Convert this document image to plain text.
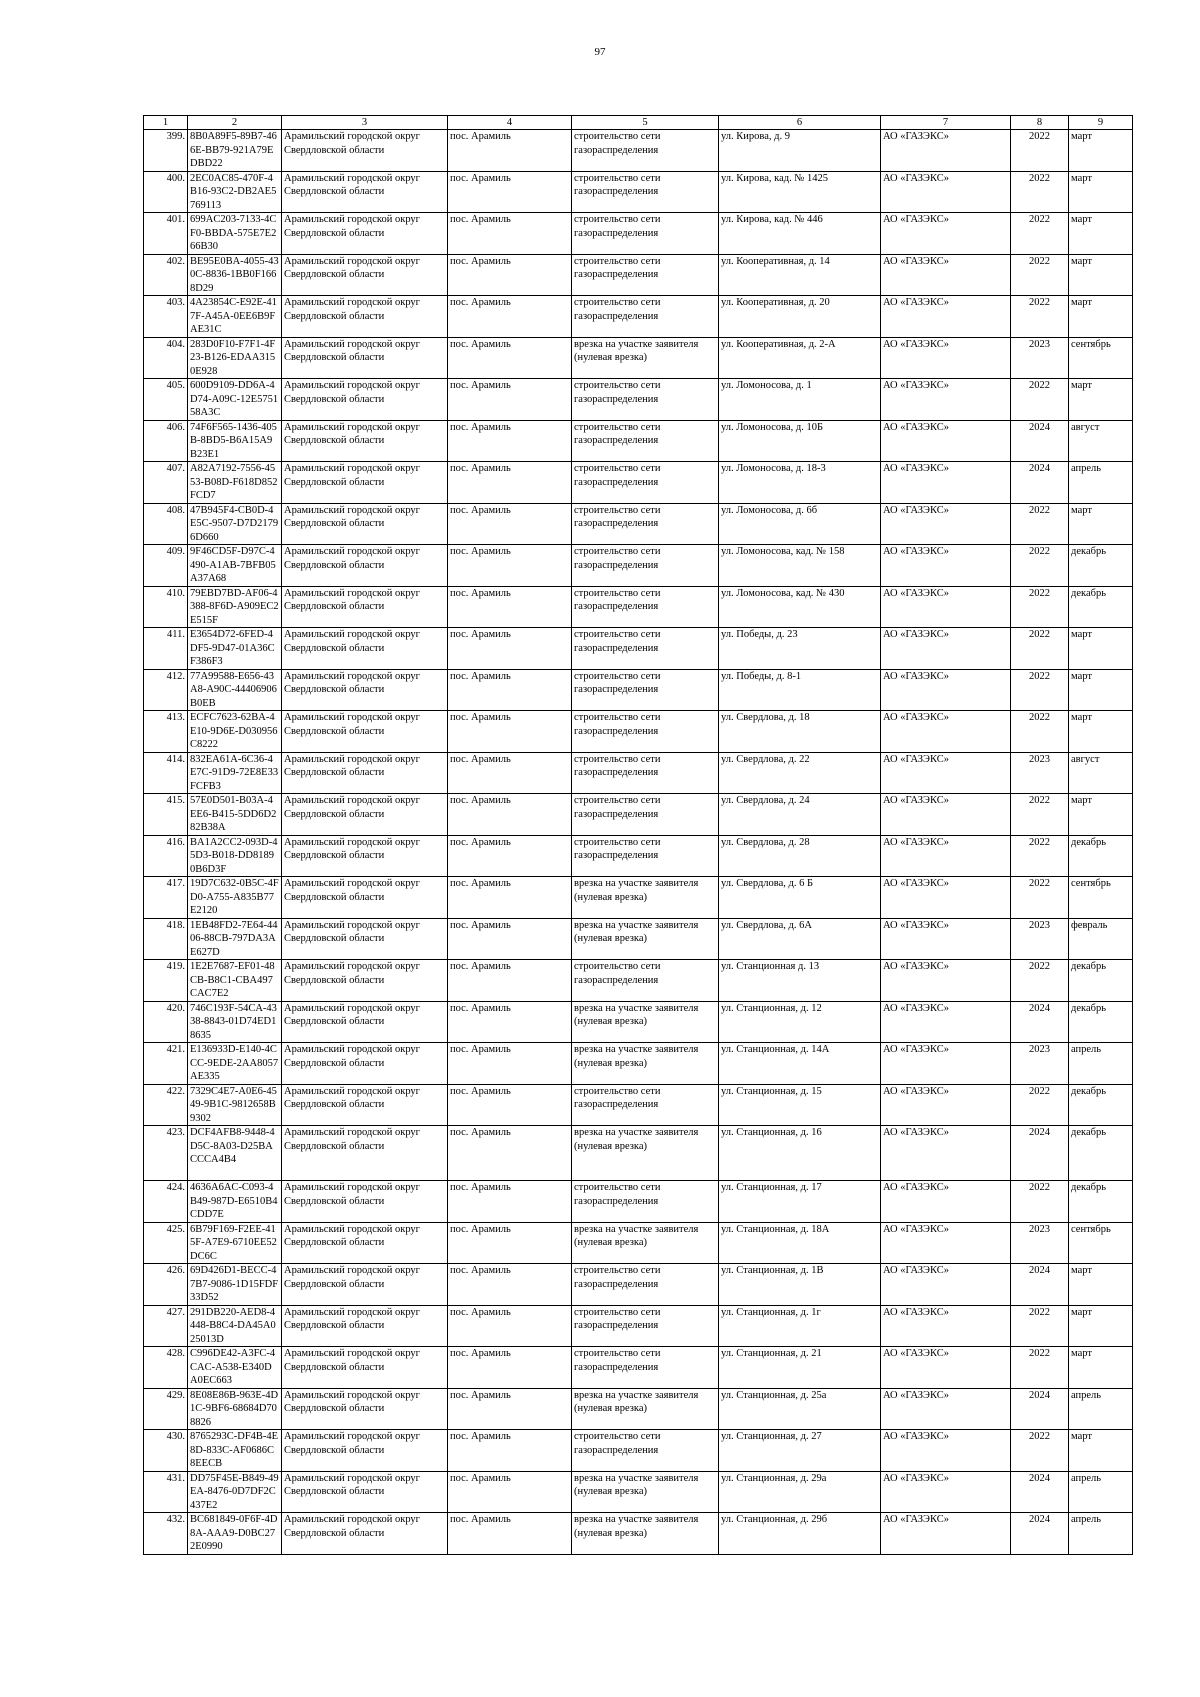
97
1	2	3	4	5	6	7	8	9
399.	8B0A89F5-89B7-466E-BB79-921A79EDBD22	Арамильский городской округ Свердловской области	пос. Арамиль	строительство сети газораспределения	ул. Кирова, д. 9	АО «ГАЗЭКС»	2022	март
400.	2EC0AC85-470F-4B16-93C2-DB2AE5769113	Арамильский городской округ Свердловской области	пос. Арамиль	строительство сети газораспределения	ул. Кирова, кад. № 1425	АО «ГАЗЭКС»	2022	март
401.	699AC203-7133-4CF0-BBDA-575E7E266B30	Арамильский городской округ Свердловской области	пос. Арамиль	строительство сети газораспределения	ул. Кирова, кад. № 446	АО «ГАЗЭКС»	2022	март
402.	BE95E0BA-4055-430C-8836-1BB0F1668D29	Арамильский городской округ Свердловской области	пос. Арамиль	строительство сети газораспределения	ул. Кооперативная, д. 14	АО «ГАЗЭКС»	2022	март
403.	4A23854C-E92E-417F-A45A-0EE6B9FAE31C	Арамильский городской округ Свердловской области	пос. Арамиль	строительство сети газораспределения	ул. Кооперативная, д. 20	АО «ГАЗЭКС»	2022	март
404.	283D0F10-F7F1-4F23-B126-EDAA3150E928	Арамильский городской округ Свердловской области	пос. Арамиль	врезка на участке заявителя (нулевая врезка)	ул. Кооперативная, д. 2-А	АО «ГАЗЭКС»	2023	сентябрь
405.	600D9109-DD6A-4D74-A09C-12E575158A3C	Арамильский городской округ Свердловской области	пос. Арамиль	строительство сети газораспределения	ул. Ломоносова, д. 1	АО «ГАЗЭКС»	2022	март
406.	74F6F565-1436-405B-8BD5-B6A15A9B23E1	Арамильский городской округ Свердловской области	пос. Арамиль	строительство сети газораспределения	ул. Ломоносова, д. 10Б	АО «ГАЗЭКС»	2024	август
407.	A82A7192-7556-4553-B08D-F618D852FCD7	Арамильский городской округ Свердловской области	пос. Арамиль	строительство сети газораспределения	ул. Ломоносова, д. 18-3	АО «ГАЗЭКС»	2024	апрель
408.	47B945F4-CB0D-4E5C-9507-D7D21796D660	Арамильский городской округ Свердловской области	пос. Арамиль	строительство сети газораспределения	ул. Ломоносова, д. 6б	АО «ГАЗЭКС»	2022	март
409.	9F46CD5F-D97C-4490-A1AB-7BFB05A37A68	Арамильский городской округ Свердловской области	пос. Арамиль	строительство сети газораспределения	ул. Ломоносова, кад. № 158	АО «ГАЗЭКС»	2022	декабрь
410.	79EBD7BD-AF06-4388-8F6D-A909EC2E515F	Арамильский городской округ Свердловской области	пос. Арамиль	строительство сети газораспределения	ул. Ломоносова, кад. № 430	АО «ГАЗЭКС»	2022	декабрь
411.	E3654D72-6FED-4DF5-9D47-01A36CF386F3	Арамильский городской округ Свердловской области	пос. Арамиль	строительство сети газораспределения	ул. Победы, д. 23	АО «ГАЗЭКС»	2022	март
412.	77A99588-E656-43A8-A90C-44406906B0EB	Арамильский городской округ Свердловской области	пос. Арамиль	строительство сети газораспределения	ул. Победы, д. 8-1	АО «ГАЗЭКС»	2022	март
413.	ECFC7623-62BA-4E10-9D6E-D030956C8222	Арамильский городской округ Свердловской области	пос. Арамиль	строительство сети газораспределения	ул. Свердлова, д. 18	АО «ГАЗЭКС»	2022	март
414.	832EA61A-6C36-4E7C-91D9-72E8E33FCFB3	Арамильский городской округ Свердловской области	пос. Арамиль	строительство сети газораспределения	ул. Свердлова, д. 22	АО «ГАЗЭКС»	2023	август
415.	57E0D501-B03A-4EE6-B415-5DD6D282B38A	Арамильский городской округ Свердловской области	пос. Арамиль	строительство сети газораспределения	ул. Свердлова, д. 24	АО «ГАЗЭКС»	2022	март
416.	BA1A2CC2-093D-45D3-B018-DD81890B6D3F	Арамильский городской округ Свердловской области	пос. Арамиль	строительство сети газораспределения	ул. Свердлова, д. 28	АО «ГАЗЭКС»	2022	декабрь
417.	19D7C632-0B5C-4FD0-A755-A835B77E2120	Арамильский городской округ Свердловской области	пос. Арамиль	врезка на участке заявителя (нулевая врезка)	ул. Свердлова, д. 6 Б	АО «ГАЗЭКС»	2022	сентябрь
418.	1EB48FD2-7E64-4406-88CB-797DA3AE627D	Арамильский городской округ Свердловской области	пос. Арамиль	врезка на участке заявителя (нулевая врезка)	ул. Свердлова, д. 6А	АО «ГАЗЭКС»	2023	февраль
419.	1E2E7687-EF01-48CB-B8C1-CBA497CAC7E2	Арамильский городской округ Свердловской области	пос. Арамиль	строительство сети газораспределения	ул. Станционная д. 13	АО «ГАЗЭКС»	2022	декабрь
420.	746C193F-54CA-4338-8843-01D74ED18635	Арамильский городской округ Свердловской области	пос. Арамиль	врезка на участке заявителя (нулевая врезка)	ул. Станционная, д. 12	АО «ГАЗЭКС»	2024	декабрь
421.	E136933D-E140-4CCC-9EDE-2AA8057AE335	Арамильский городской округ Свердловской области	пос. Арамиль	врезка на участке заявителя (нулевая врезка)	ул. Станционная, д. 14А	АО «ГАЗЭКС»	2023	апрель
422.	7329C4E7-A0E6-4549-9B1C-9812658B9302	Арамильский городской округ Свердловской области	пос. Арамиль	строительство сети газораспределения	ул. Станционная, д. 15	АО «ГАЗЭКС»	2022	декабрь
423.	DCF4AFB8-9448-4D5C-8A03-D25BACCCA4B4	Арамильский городской округ Свердловской области	пос. Арамиль	врезка на участке заявителя (нулевая врезка)	ул. Станционная, д. 16	АО «ГАЗЭКС»	2024	декабрь
424.	4636A6AC-C093-4B49-987D-E6510B4CDD7E	Арамильский городской округ Свердловской области	пос. Арамиль	строительство сети газораспределения	ул. Станционная, д. 17	АО «ГАЗЭКС»	2022	декабрь
425.	6B79F169-F2EE-415F-A7E9-6710EE52DC6C	Арамильский городской округ Свердловской области	пос. Арамиль	врезка на участке заявителя (нулевая врезка)	ул. Станционная, д. 18А	АО «ГАЗЭКС»	2023	сентябрь
426.	69D426D1-BECC-47B7-9086-1D15FDF33D52	Арамильский городской округ Свердловской области	пос. Арамиль	строительство сети газораспределения	ул. Станционная, д. 1В	АО «ГАЗЭКС»	2024	март
427.	291DB220-AED8-4448-B8C4-DA45A025013D	Арамильский городской округ Свердловской области	пос. Арамиль	строительство сети газораспределения	ул. Станционная, д. 1г	АО «ГАЗЭКС»	2022	март
428.	C996DE42-A3FC-4CAC-A538-E340DA0EC663	Арамильский городской округ Свердловской области	пос. Арамиль	строительство сети газораспределения	ул. Станционная, д. 21	АО «ГАЗЭКС»	2022	март
429.	8E08E86B-963E-4D1C-9BF6-68684D708826	Арамильский городской округ Свердловской области	пос. Арамиль	врезка на участке заявителя (нулевая врезка)	ул. Станционная, д. 25а	АО «ГАЗЭКС»	2024	апрель
430.	8765293C-DF4B-4E8D-833C-AF0686C8EECB	Арамильский городской округ Свердловской области	пос. Арамиль	строительство сети газораспределения	ул. Станционная, д. 27	АО «ГАЗЭКС»	2022	март
431.	DD75F45E-B849-49EA-8476-0D7DF2C437E2	Арамильский городской округ Свердловской области	пос. Арамиль	врезка на участке заявителя (нулевая врезка)	ул. Станционная, д. 29а	АО «ГАЗЭКС»	2024	апрель
432.	BC681849-0F6F-4D8A-AAA9-D0BC272E0990	Арамильский городской округ Свердловской области	пос. Арамиль	врезка на участке заявителя (нулевая врезка)	ул. Станционная, д. 29б	АО «ГАЗЭКС»	2024	апрель
